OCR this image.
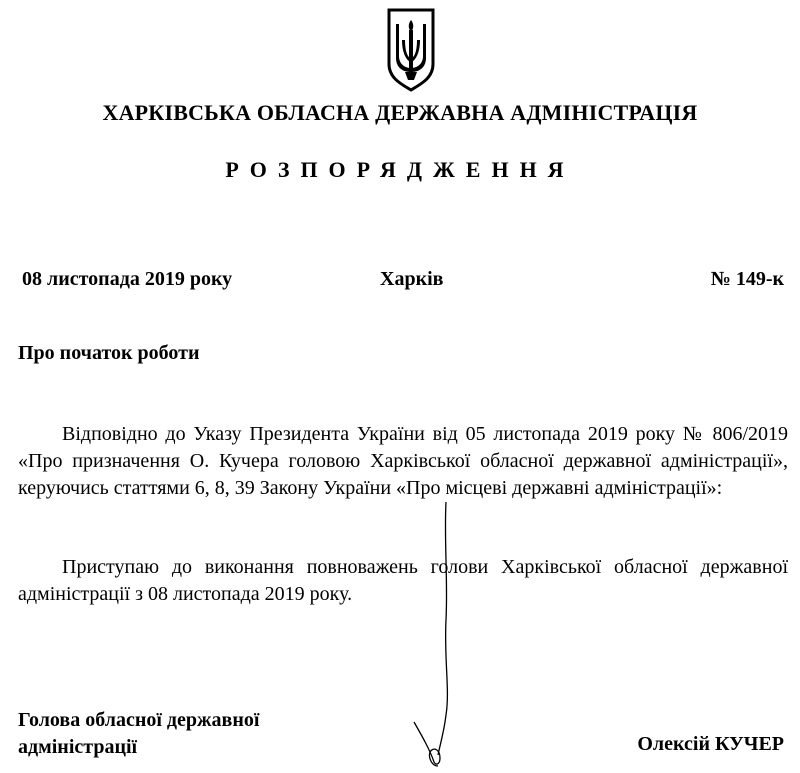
ХАРКІВСЬКА ОБЛАСНА ДЕРЖАВНА АДМІНІСТРАЦІЯ
РОЗПОРЯДЖЕННЯ
08 листопада 2019 року	Харків	№ 149-к
Про початок роботи

Відповідно до Указу Президента України від 05 листопада 2019 року № 806/2019 «Про призначення О. Кучера головою Харківської обласної державної адміністрації», керуючись статтями 6, 8, 39 Закону України «Про місцеві державні адміністрації»:

Приступаю до виконання повноважень голови Харківської обласної державної адміністрації з 08 листопада 2019 року.

Голова обласної державної адміністрації	Олексій КУЧЕР
